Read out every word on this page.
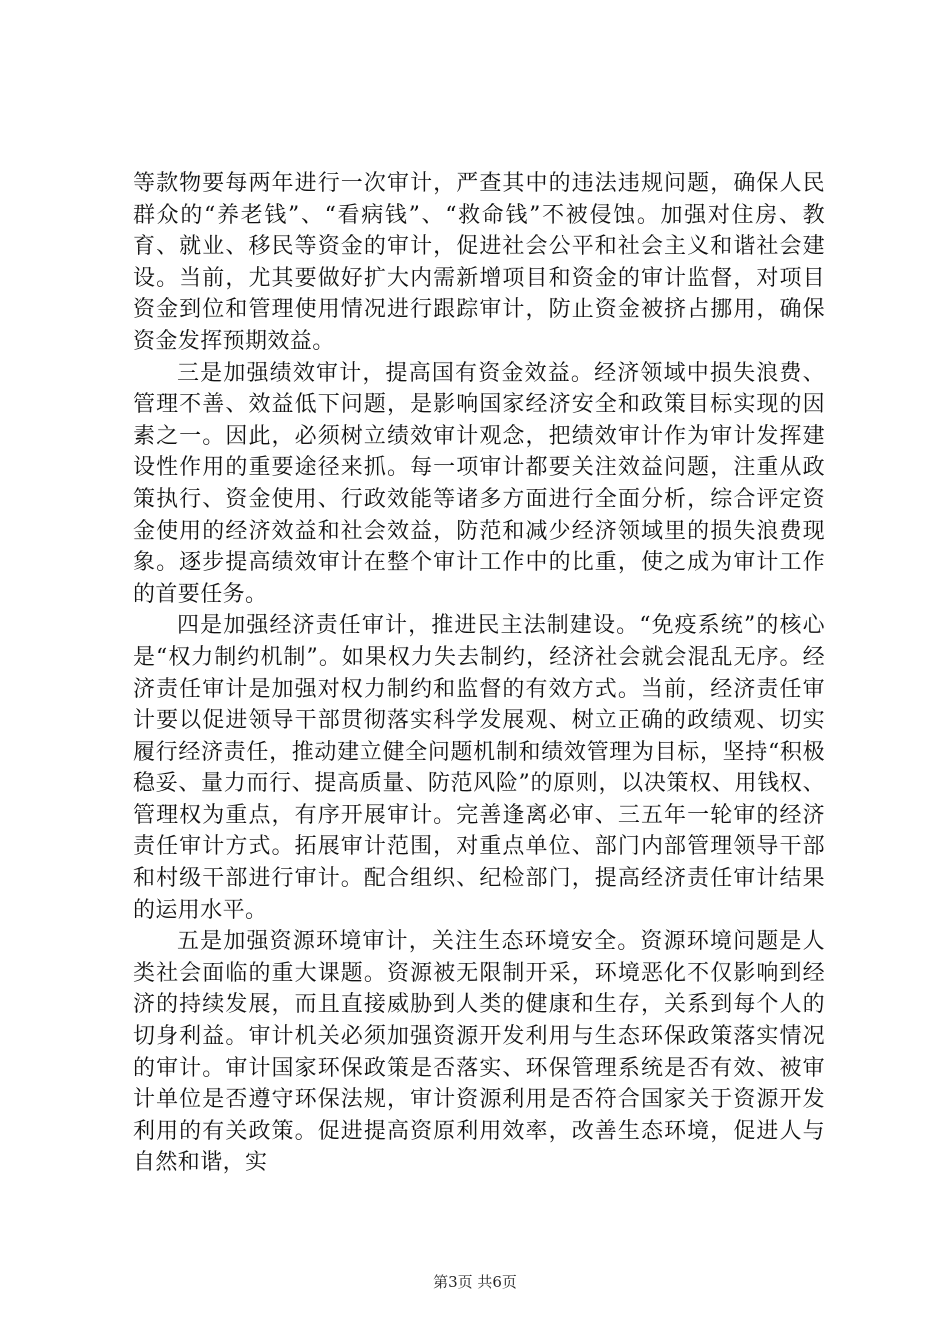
等款物要每两年进行一次审计，严查其中的违法违规问题，确保人民群众的“养老钱”、“看病钱”、“救命钱”不被侵蚀。加强对住房、教育、就业、移民等资金的审计，促进社会公平和社会主义和谐社会建设。当前，尤其要做好扩大内需新增项目和资金的审计监督，对项目资金到位和管理使用情况进行跟踪审计，防止资金被挤占挪用，确保资金发挥预期效益。

三是加强绩效审计，提高国有资金效益。经济领域中损失浪费、管理不善、效益低下问题，是影响国家经济安全和政策目标实现的因素之一。因此，必须树立绩效审计观念，把绩效审计作为审计发挥建设性作用的重要途径来抓。每一项审计都要关注效益问题，注重从政策执行、资金使用、行政效能等诸多方面进行全面分析，综合评定资金使用的经济效益和社会效益，防范和减少经济领域里的损失浪费现象。逐步提高绩效审计在整个审计工作中的比重，使之成为审计工作的首要任务。

四是加强经济责任审计，推进民主法制建设。“免疫系统”的核心是“权力制约机制”。如果权力失去制约，经济社会就会混乱无序。经济责任审计是加强对权力制约和监督的有效方式。当前，经济责任审计要以促进领导干部贯彻落实科学发展观、树立正确的政绩观、切实履行经济责任，推动建立健全问题机制和绩效管理为目标，坚持“积极稳妥、量力而行、提高质量、防范风险”的原则，以决策权、用钱权、管理权为重点，有序开展审计。完善逢离必审、三五年一轮审的经济责任审计方式。拓展审计范围，对重点单位、部门内部管理领导干部和村级干部进行审计。配合组织、纪检部门，提高经济责任审计结果的运用水平。

五是加强资源环境审计，关注生态环境安全。资源环境问题是人类社会面临的重大课题。资源被无限制开采，环境恶化不仅影响到经济的持续发展，而且直接威胁到人类的健康和生存，关系到每个人的切身利益。审计机关必须加强资源开发利用与生态环保政策落实情况的审计。审计国家环保政策是否落实、环保管理系统是否有效、被审计单位是否遵守环保法规，审计资源利用是否符合国家关于资源开发利用的有关政策。促进提高资原利用效率，改善生态环境，促进人与自然和谐，实

第3页 共6页
